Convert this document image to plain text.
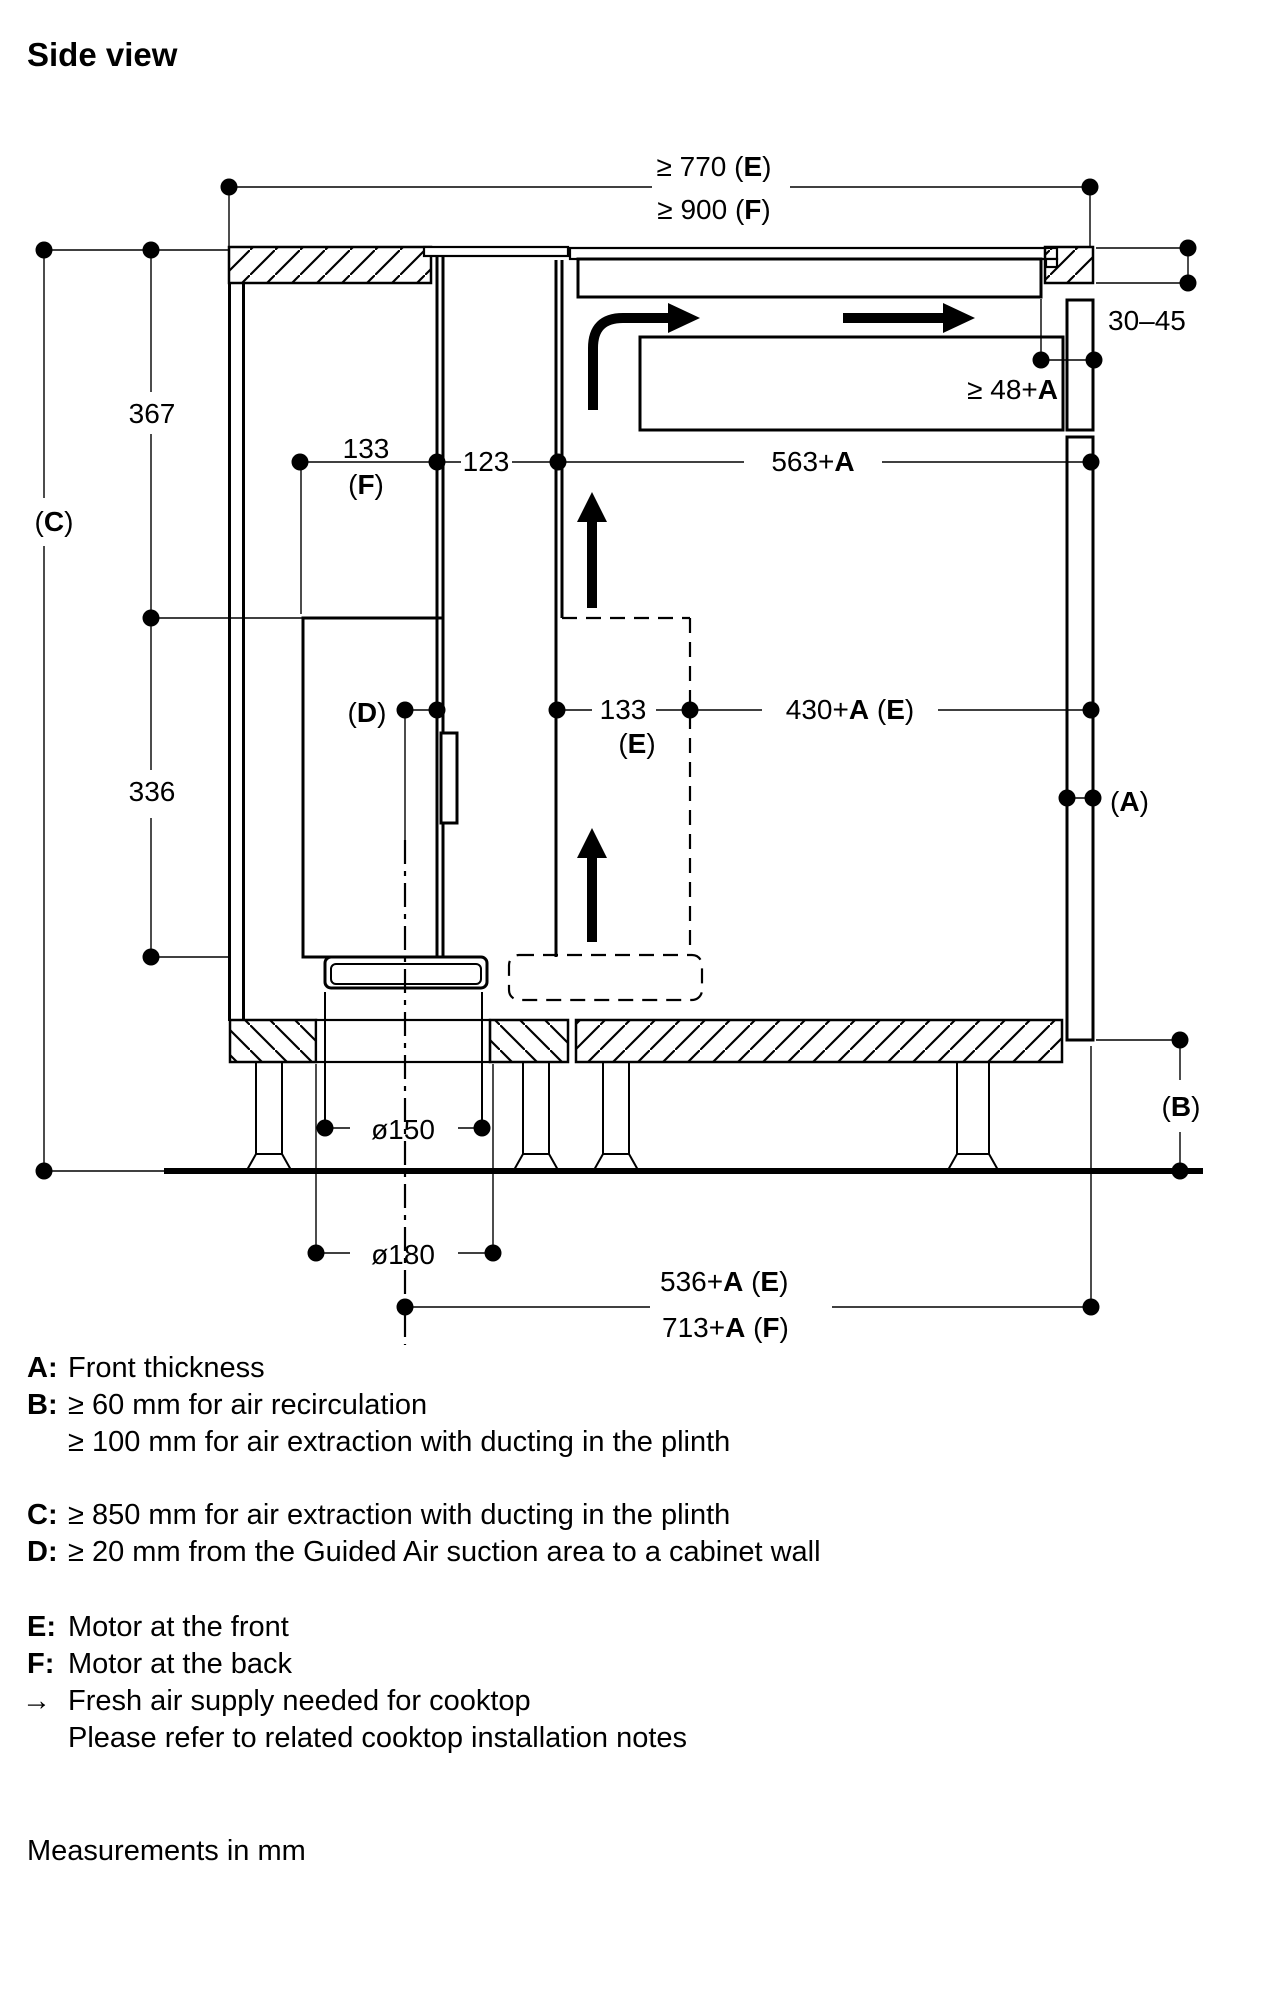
Side view
≥ 770 (E)
≥ 900 (F)
30–45
≥ 48+A
367
133
(F)
123	563+A
(C)
(D)	133
(E)
430+A (E)
(A)
336
(B)
ø150
ø180
536+A (E)
713+A (F)
A: Front thickness
B: ≥ 60 mm for air recirculation
≥ 100 mm for air extraction with ducting in the plinth
C: ≥ 850 mm for air extraction with ducting in the plinth
D: ≥ 20 mm from the Guided Air suction area to a cabinet wall
E: Motor at the front
F: Motor at the back
→ Fresh air supply needed for cooktop
Please refer to related cooktop installation notes
Measurements in mm
